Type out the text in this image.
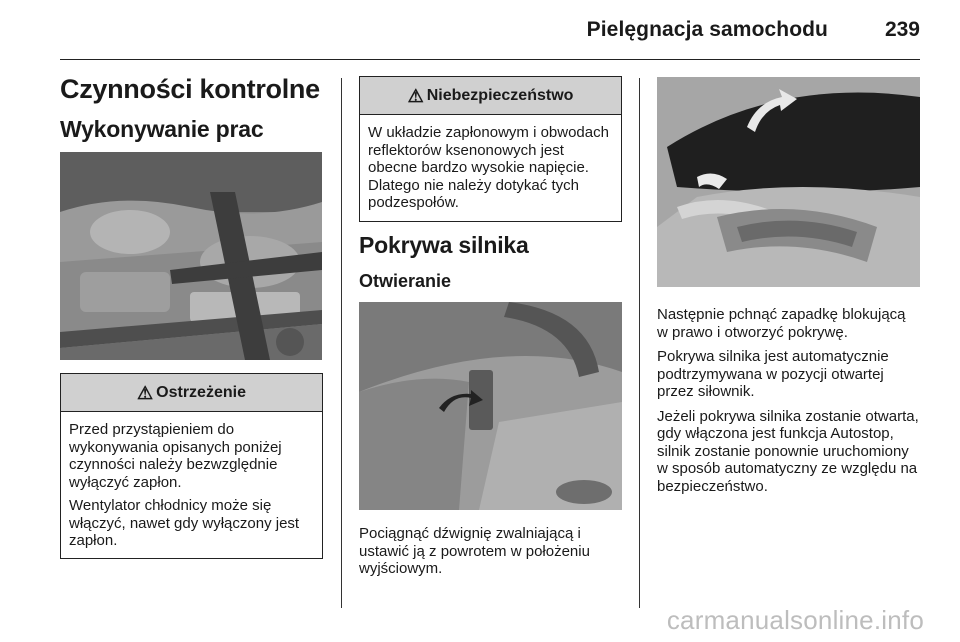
Pielęgnacja samochodu	239
Czynności kontrolne
Wykonywanie prac
⚠ Ostrzeżenie

Przed przystąpieniem do wykonywania opisanych poniżej czynności należy bezwzględnie wyłączyć zapłon.

Wentylator chłodnicy może się włączyć, nawet gdy wyłączony jest zapłon.

⚠ Niebezpieczeństwo

W układzie zapłonowym i obwodach reflektorów ksenonowych jest obecne bardzo wysokie napięcie. Dlatego nie należy dotykać tych podzespołów.

Pokrywa silnika
Otwieranie

Pociągnąć dźwignię zwalniającą i ustawić ją z powrotem w położeniu wyjściowym.

Następnie pchnąć zapadkę blokującą w prawo i otworzyć pokrywę.

Pokrywa silnika jest automatycznie podtrzymywana w pozycji otwartej przez siłownik.

Jeżeli pokrywa silnika zostanie otwarta, gdy włączona jest funkcja Autostop, silnik zostanie ponownie uruchomiony w sposób automatyczny ze względu na bezpieczeństwo.

carmanualsonline.info
